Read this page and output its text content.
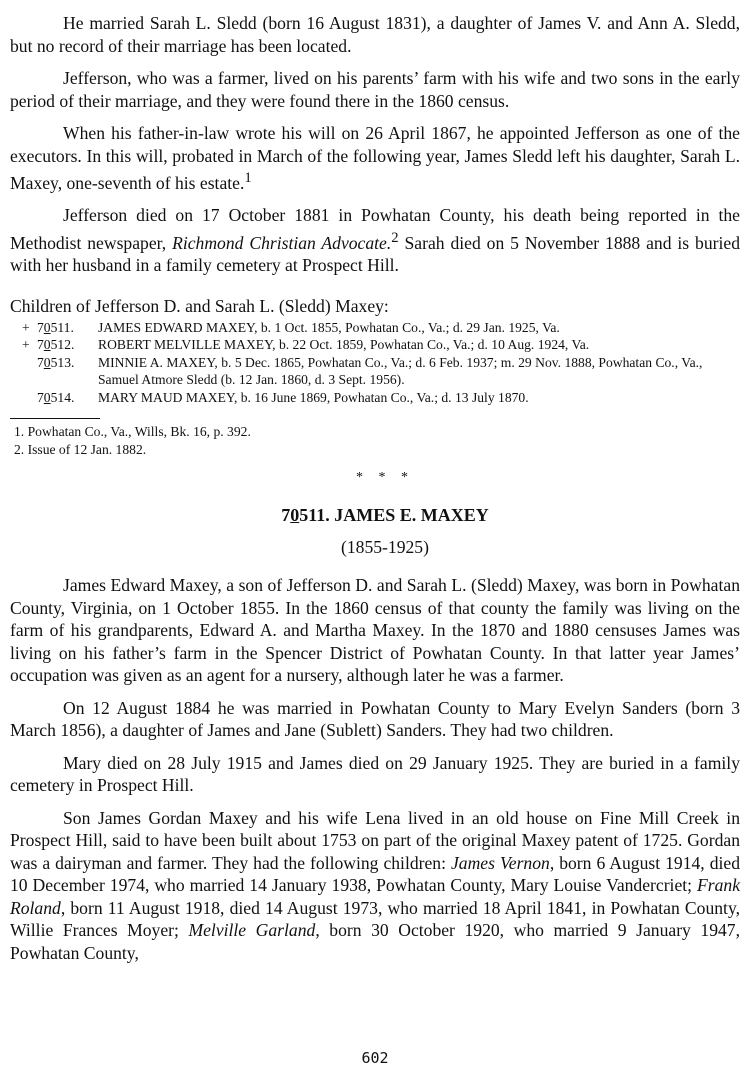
He married Sarah L. Sledd (born 16 August 1831), a daughter of James V. and Ann A. Sledd, but no record of their marriage has been located.

Jefferson, who was a farmer, lived on his parents’ farm with his wife and two sons in the early period of their marriage, and they were found there in the 1860 census.

When his father-in-law wrote his will on 26 April 1867, he appointed Jefferson as one of the executors. In this will, probated in March of the following year, James Sledd left his daughter, Sarah L. Maxey, one-seventh of his estate.$^1$

Jefferson died on 17 October 1881 in Powhatan County, his death being reported in the Methodist newspaper, Richmond Christian Advocate.$^2$ Sarah died on 5 November 1888 and is buried with her husband in a family cemetery at Prospect Hill.

Children of Jefferson D. and Sarah L. (Sledd) Maxey:
+ 70511. JAMES EDWARD MAXEY, b. 1 Oct. 1855, Powhatan Co., Va.; d. 29 Jan. 1925, Va.
+ 70512. ROBERT MELVILLE MAXEY, b. 22 Oct. 1859, Powhatan Co., Va.; d. 10 Aug. 1924, Va.
70513. MINNIE A. MAXEY, b. 5 Dec. 1865, Powhatan Co., Va.; d. 6 Feb. 1937; m. 29 Nov. 1888, Powhatan Co., Va., Samuel Atmore Sledd (b. 12 Jan. 1860, d. 3 Sept. 1956).
70514. MARY MAUD MAXEY, b. 16 June 1869, Powhatan Co., Va.; d. 13 July 1870.
1. Powhatan Co., Va., Wills, Bk. 16, p. 392.
2. Issue of 12 Jan. 1882.
* * *
70511. JAMES E. MAXEY
(1855-1925)

James Edward Maxey, a son of Jefferson D. and Sarah L. (Sledd) Maxey, was born in Powhatan County, Virginia, on 1 October 1855. In the 1860 census of that county the family was living on the farm of his grandparents, Edward A. and Martha Maxey. In the 1870 and 1880 censuses James was living on his father’s farm in the Spencer District of Powhatan County. In that latter year James’ occupation was given as an agent for a nursery, although later he was a farmer.

On 12 August 1884 he was married in Powhatan County to Mary Evelyn Sanders (born 3 March 1856), a daughter of James and Jane (Sublett) Sanders. They had two children.

Mary died on 28 July 1915 and James died on 29 January 1925. They are buried in a family cemetery in Prospect Hill.

Son James Gordan Maxey and his wife Lena lived in an old house on Fine Mill Creek in Prospect Hill, said to have been built about 1753 on part of the original Maxey patent of 1725. Gordan was a dairyman and farmer. They had the following children: James Vernon, born 6 August 1914, died 10 December 1974, who married 14 January 1938, Powhatan County, Mary Louise Vandercriet; Frank Roland, born 11 August 1918, died 14 August 1973, who married 18 April 1841, in Powhatan County, Willie Frances Moyer; Melville Garland, born 30 October 1920, who married 9 January 1947, Powhatan County,

602
